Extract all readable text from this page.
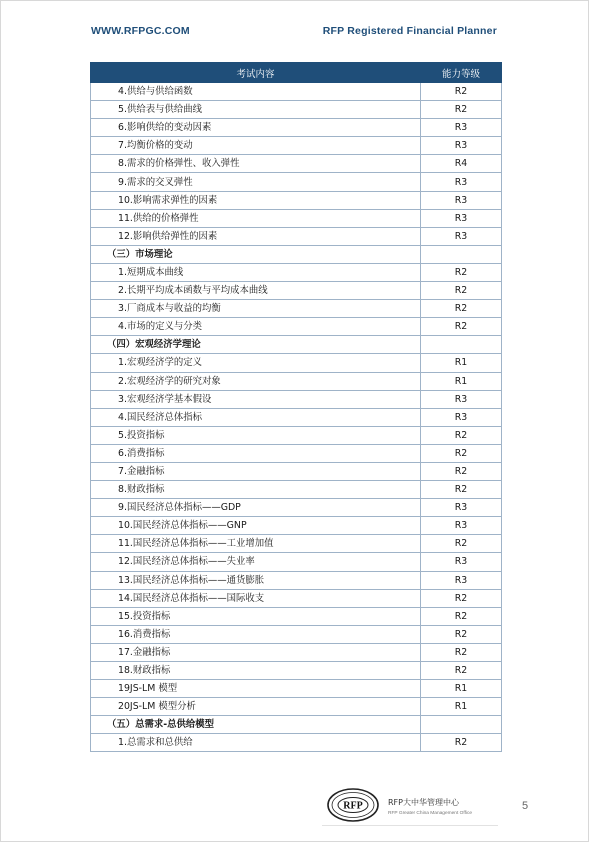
WWW.RFPGC.COM	RFP Registered Financial Planner
考试内容	能力等级
4.供给与供给函数	R2
5.供给表与供给曲线	R2
6.影响供给的变动因素	R3
7.均衡价格的变动	R3
8.需求的价格弹性、收入弹性	R4
9.需求的交叉弹性	R3
10.影响需求弹性的因素	R3
11.供给的价格弹性	R3
12.影响供给弹性的因素	R3
（三）市场理论	
1.短期成本曲线	R2
2.长期平均成本函数与平均成本曲线	R2
3.厂商成本与收益的均衡	R2
4.市场的定义与分类	R2
（四）宏观经济学理论	
1.宏观经济学的定义	R1
2.宏观经济学的研究对象	R1
3.宏观经济学基本假设	R3
4.国民经济总体指标	R3
5.投资指标	R2
6.消费指标	R2
7.金融指标	R2
8.财政指标	R2
9.国民经济总体指标——GDP	R3
10.国民经济总体指标——GNP	R3
11.国民经济总体指标——工业增加值	R2
12.国民经济总体指标——失业率	R3
13.国民经济总体指标——通货膨胀	R3
14.国民经济总体指标——国际收支	R2
15.投资指标	R2
16.消费指标	R2
17.金融指标	R2
18.财政指标	R2
19JS-LM 模型	R1
20JS-LM 模型分析	R1
（五）总需求-总供给模型	
1.总需求和总供给	R2
RFP	RFP大中华管理中心
RFP Greater China Management Office
5
